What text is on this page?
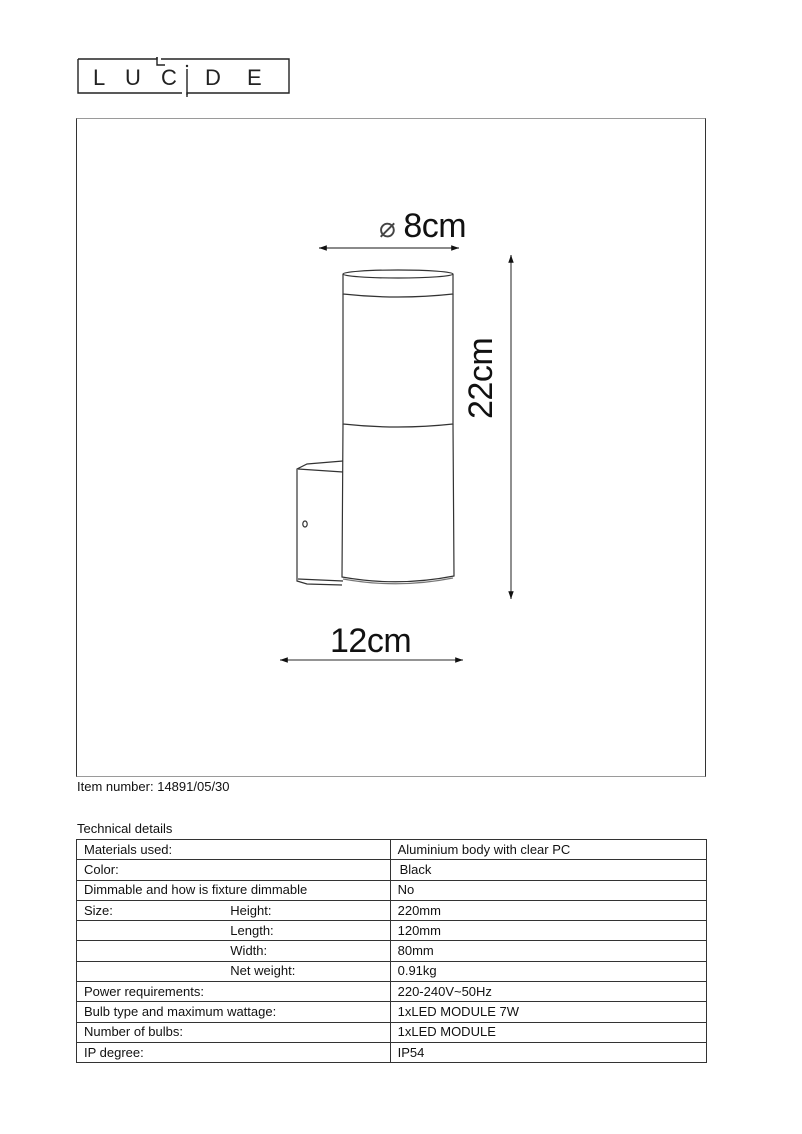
L U C D E
⌀ 8cm
22cm
12cm
Item number: 14891/05/30
Technical details
Materials used:		Aluminium body with clear PC
Color:		Black
Dimmable and how is fixture dimmable		No
Size:	Height:	220mm
	Length:	120mm
	Width:	80mm
	Net weight:	0.91kg
Power requirements:		220-240V~50Hz
Bulb type and maximum wattage:		1xLED MODULE 7W
Number of bulbs:		1xLED MODULE
IP degree:		IP54
